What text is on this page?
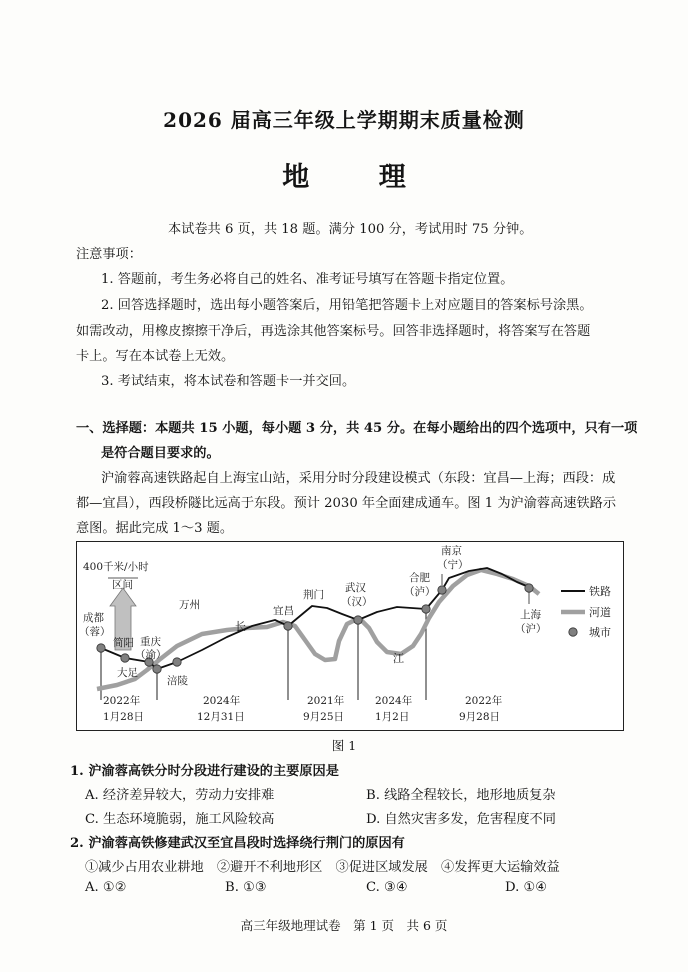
2026 届高三年级上学期期末质量检测
地 理
本试卷共 6 页，共 18 题。满分 100 分，考试用时 75 分钟。
注意事项：
1. 答题前，考生务必将自己的姓名、准考证号填写在答题卡指定位置。
2. 回答选择题时，选出每小题答案后，用铅笔把答题卡上对应题目的答案标号涂黑。
如需改动，用橡皮擦擦干净后，再选涂其他答案标号。回答非选择题时，将答案写在答题
卡上。写在本试卷上无效。
3. 考试结束，将本试卷和答题卡一并交回。
一、选择题：本题共 15 小题，每小题 3 分，共 45 分。在每小题给出的四个选项中，只有一项
是符合题目要求的。
沪渝蓉高速铁路起自上海宝山站，采用分时分段建设模式（东段：宜昌—上海；西段：成
都—宜昌），西段桥隧比远高于东段。预计 2030 年全面建成通车。图 1 为沪渝蓉高速铁路示
意图。据此完成 1～3 题。
400千米/小时
区间
成都
（蓉）
简阳 重庆
（渝）
大足
涪陵
万州	宜昌
荆门
武汉
（汉）
合肥
（泸）
南京
（宁）
上海
（沪）
长
江
2022年
1月28日
2024年
12月31日
2021年
9月25日
2024年
1月2日
2022年
9月28日
铁路
河道
城市
图 1
1. 沪渝蓉高铁分时分段进行建设的主要原因是
A. 经济差异较大，劳动力安排难	B. 线路全程较长，地形地质复杂
C. 生态环境脆弱，施工风险较高	D. 自然灾害多发，危害程度不同
2. 沪渝蓉高铁修建武汉至宜昌段时选择绕行荆门的原因有
①减少占用农业耕地　②避开不利地形区　③促进区域发展　④发挥更大运输效益
A. ①②	B. ①③	C. ③④	D. ①④
高三年级地理试卷　第 1 页　共 6 页
